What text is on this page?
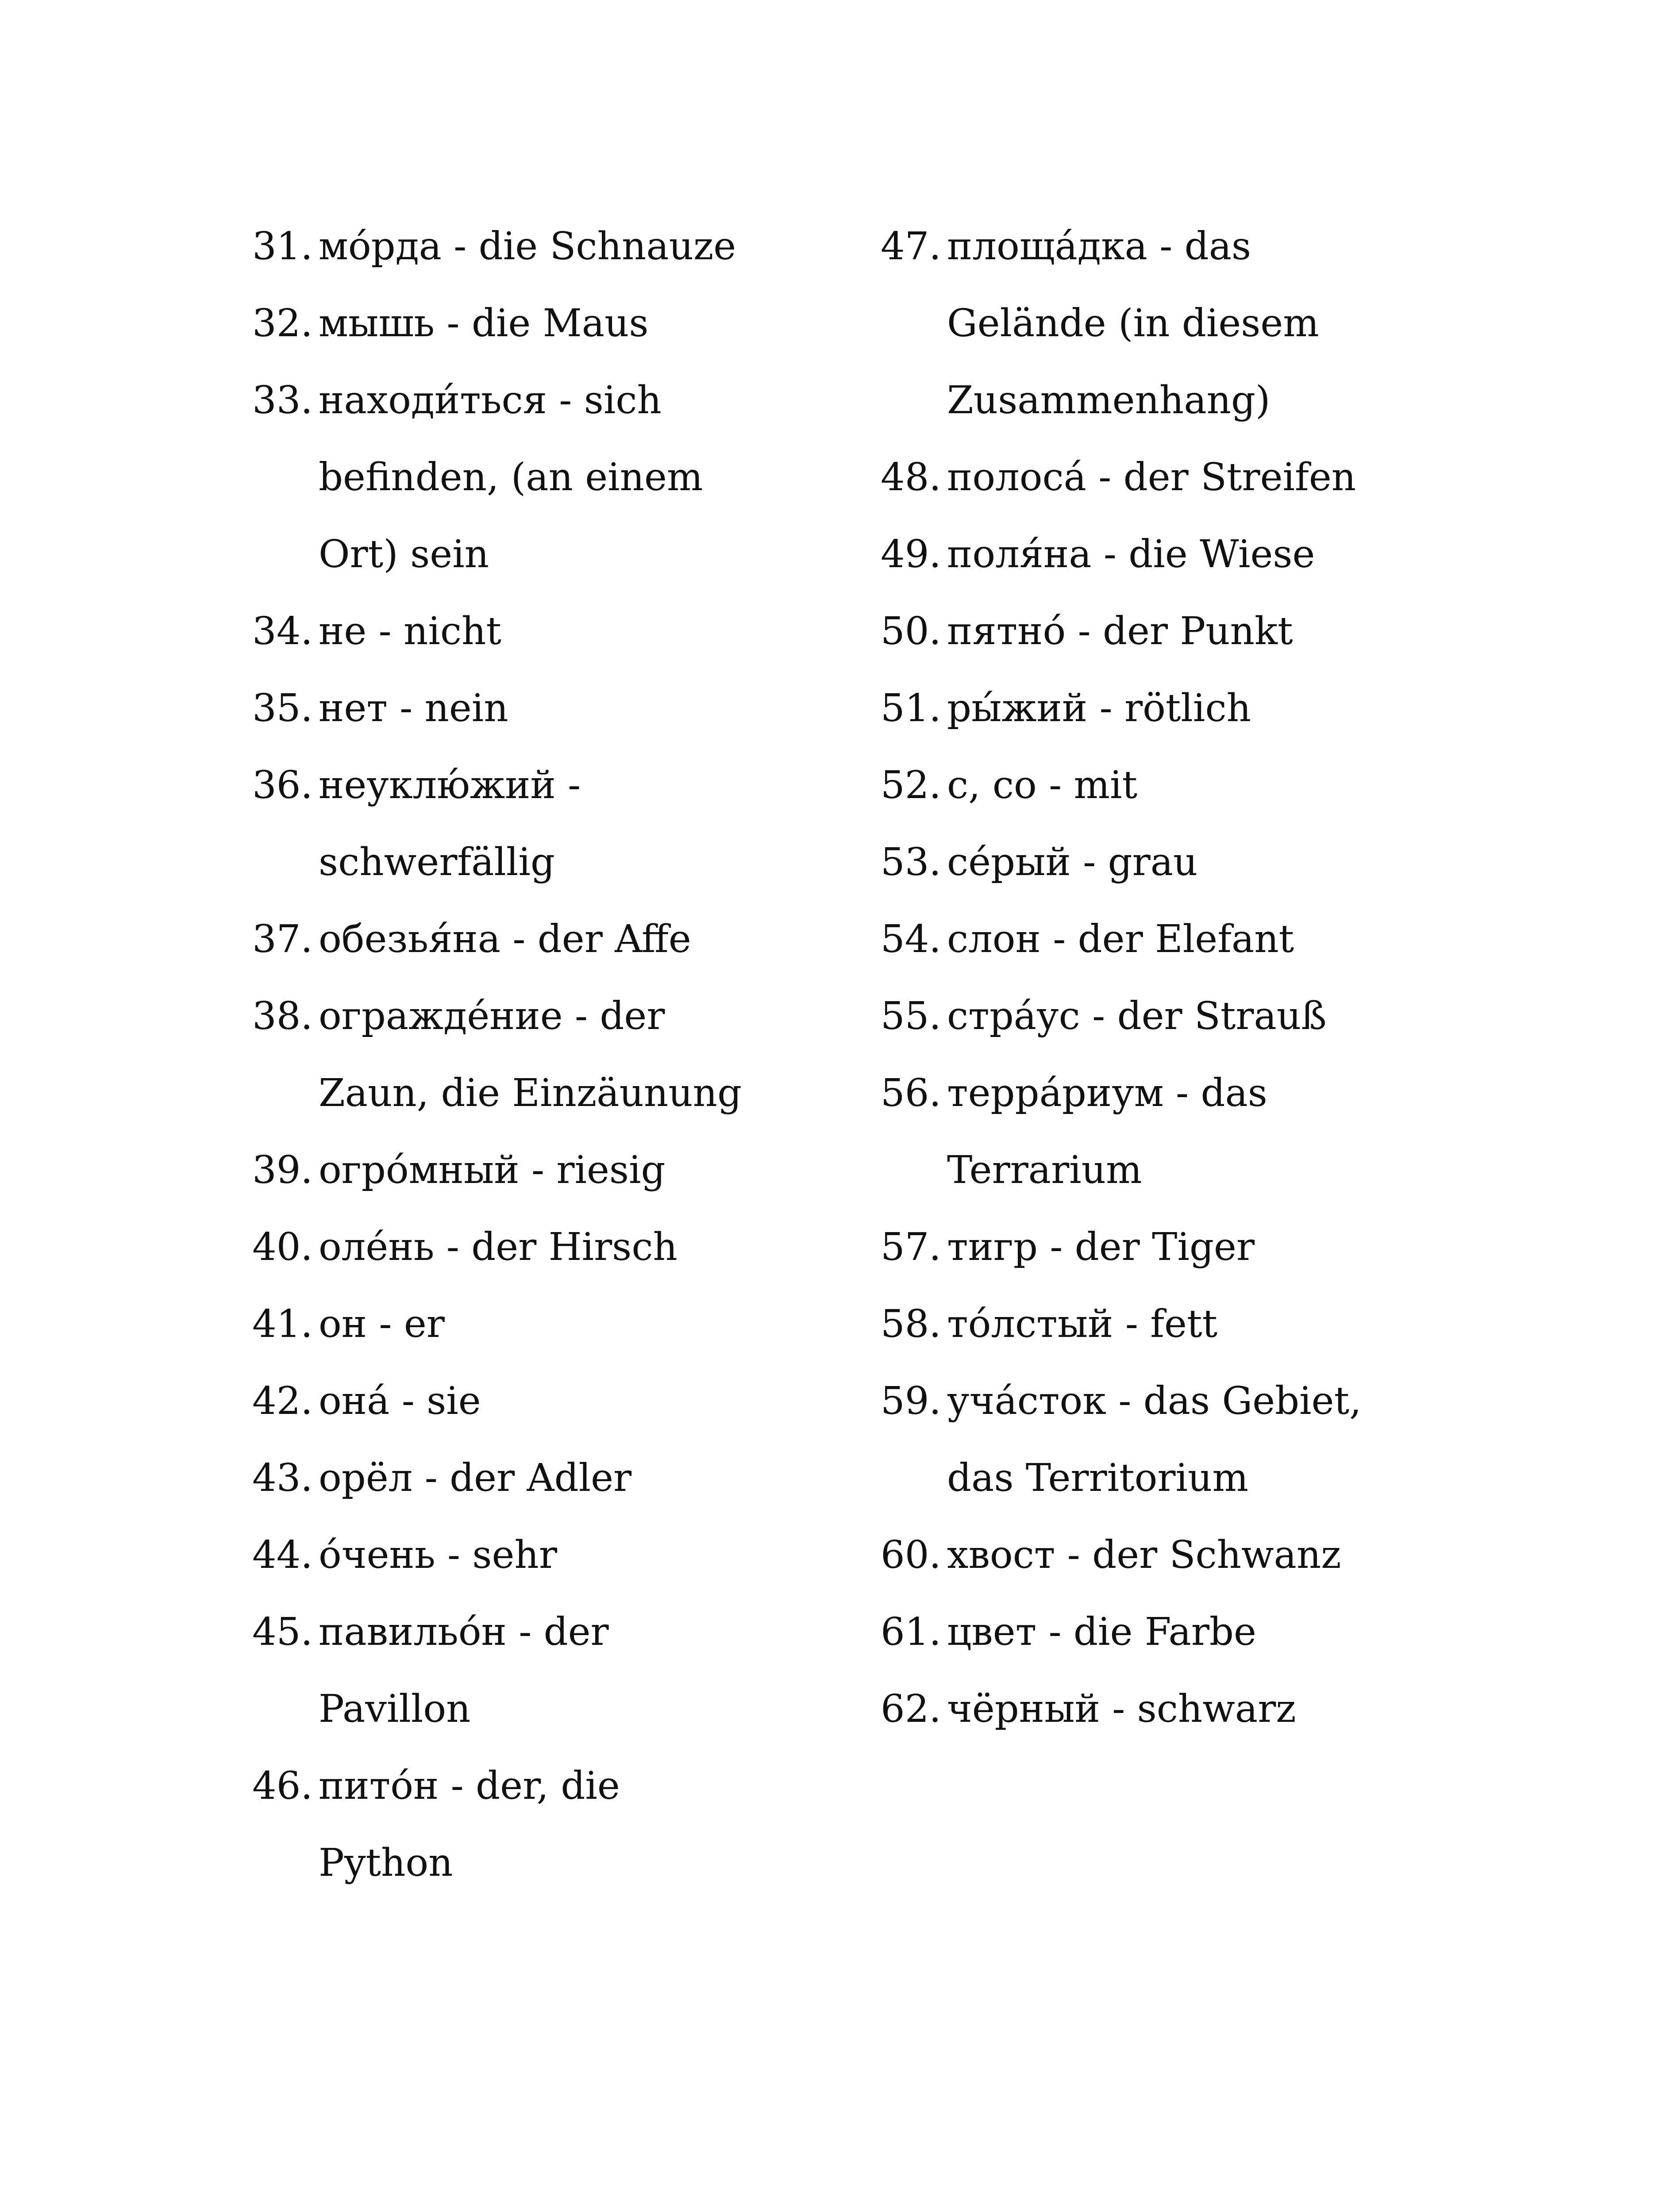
31. мо́рда - die Schnauze
32. мышь - die Maus
33. находи́ться - sich
befinden, (an einem
Ort) sein
34. не - nicht
35. нет - nein
36. неуклю́жий -
schwerfällig
37. обезья́на - der Affe
38. огражде́ние - der
Zaun, die Einzäunung
39. огро́мный - riesig
40. оле́нь - der Hirsch
41. он - er
42. она́ - sie
43. орёл - der Adler
44. о́чень - sehr
45. павильо́н - der
Pavillon
46. пито́н - der, die
Python
47. площа́дка - das
Gelände (in diesem
Zusammenhang)
48. полоса́ - der Streifen
49. поля́на - die Wiese
50. пятно́ - der Punkt
51. ры́жий - rötlich
52. с, со - mit
53. се́рый - grau
54. слон - der Elefant
55. стра́ус - der Strauß
56. терра́риум - das
Terrarium
57. тигр - der Tiger
58. то́лстый - fett
59. уча́сток - das Gebiet,
das Territorium
60. хвост - der Schwanz
61. цвет - die Farbe
62. чёрный - schwarz
